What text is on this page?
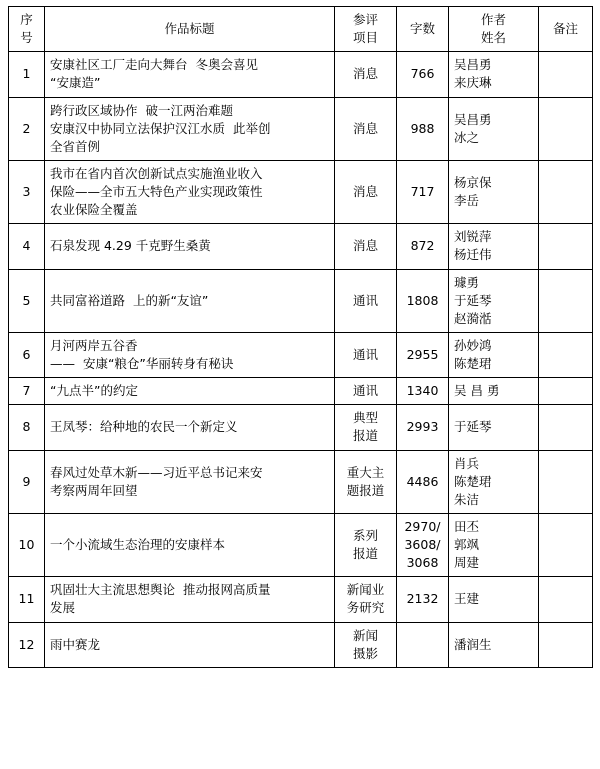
序
号	作品标题	参评
项目	字数	作者
姓名	备注

1	安康社区工厂走向大舞台  冬奥会喜见
“安康造”	消息	766	吴昌勇
来庆琳	

2	跨行政区域协作  破一江两治难题
安康汉中协同立法保护汉江水质  此举创
全省首例	消息	988	吴昌勇
冰之	

3	我市在省内首次创新试点实施渔业收入
保险——全市五大特色产业实现政策性
农业保险全覆盖	消息	717	杨京保
李岳	

4	石泉发现 4.29 千克野生桑黄	消息	872	刘锐萍
杨迁伟	

5	共同富裕道路  上的新“友谊”	通讯	1808	璩勇
于延琴
赵漪湉	

6	月河两岸五谷香
——  安康“粮仓”华丽转身有秘诀	通讯	2955	孙妙鸿
陈楚珺	

7	“九点半”的约定	通讯	1340	吴 昌 勇	

8	王凤琴：给种地的农民一个新定义	典型
报道	2993	于延琴	

9	春风过处草木新——习近平总书记来安
考察两周年回望	重大主
题报道	4486	肖兵
陈楚珺
朱洁	

10	一个小流域生态治理的安康样本	系列
报道	2970/
3608/
3068	田丕
郭飒
周建	

11	巩固壮大主流思想舆论  推动报网高质量
发展	新闻业
务研究	2132	王建	

12	雨中赛龙	新闻
摄影		潘润生	
